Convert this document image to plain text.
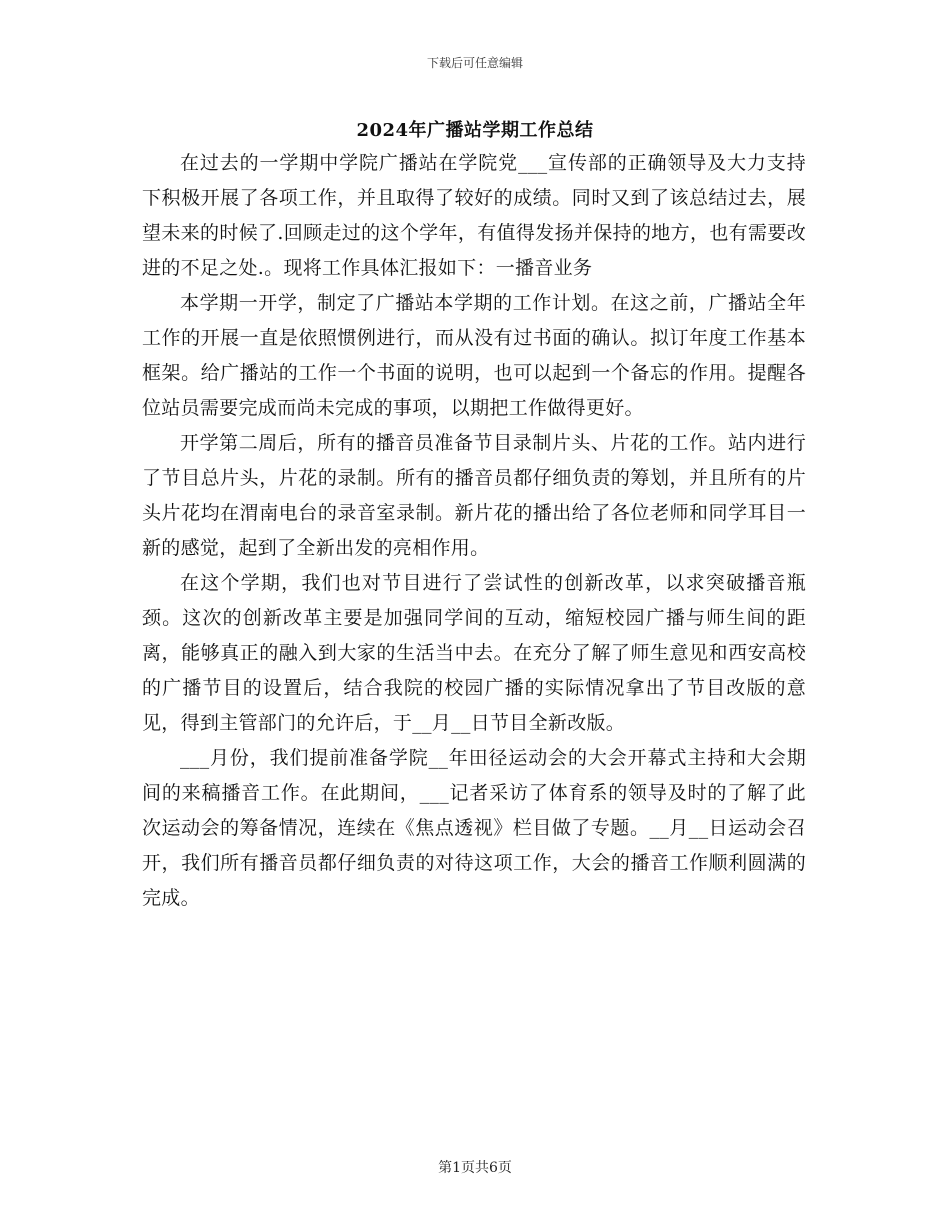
下载后可任意编辑
2024年广播站学期工作总结

在过去的一学期中学院广播站在学院党___宣传部的正确领导及大力支持下积极开展了各项工作，并且取得了较好的成绩。同时又到了该总结过去，展望未来的时候了.回顾走过的这个学年，有值得发扬并保持的地方，也有需要改进的不足之处.。现将工作具体汇报如下：一播音业务

本学期一开学，制定了广播站本学期的工作计划。在这之前，广播站全年工作的开展一直是依照惯例进行，而从没有过书面的确认。拟订年度工作基本框架。给广播站的工作一个书面的说明，也可以起到一个备忘的作用。提醒各位站员需要完成而尚未完成的事项，以期把工作做得更好。

开学第二周后，所有的播音员准备节目录制片头、片花的工作。站内进行了节目总片头，片花的录制。所有的播音员都仔细负责的筹划，并且所有的片头片花均在渭南电台的录音室录制。新片花的播出给了各位老师和同学耳目一新的感觉，起到了全新出发的亮相作用。

在这个学期，我们也对节目进行了尝试性的创新改革，以求突破播音瓶颈。这次的创新改革主要是加强同学间的互动，缩短校园广播与师生间的距离，能够真正的融入到大家的生活当中去。在充分了解了师生意见和西安高校的广播节目的设置后，结合我院的校园广播的实际情况拿出了节目改版的意见，得到主管部门的允许后，于__月__日节目全新改版。

___月份，我们提前准备学院__年田径运动会的大会开幕式主持和大会期间的来稿播音工作。在此期间，___记者采访了体育系的领导及时的了解了此次运动会的筹备情况，连续在《焦点透视》栏目做了专题。__月__日运动会召开，我们所有播音员都仔细负责的对待这项工作，大会的播音工作顺利圆满的完成。

第1页共6页
